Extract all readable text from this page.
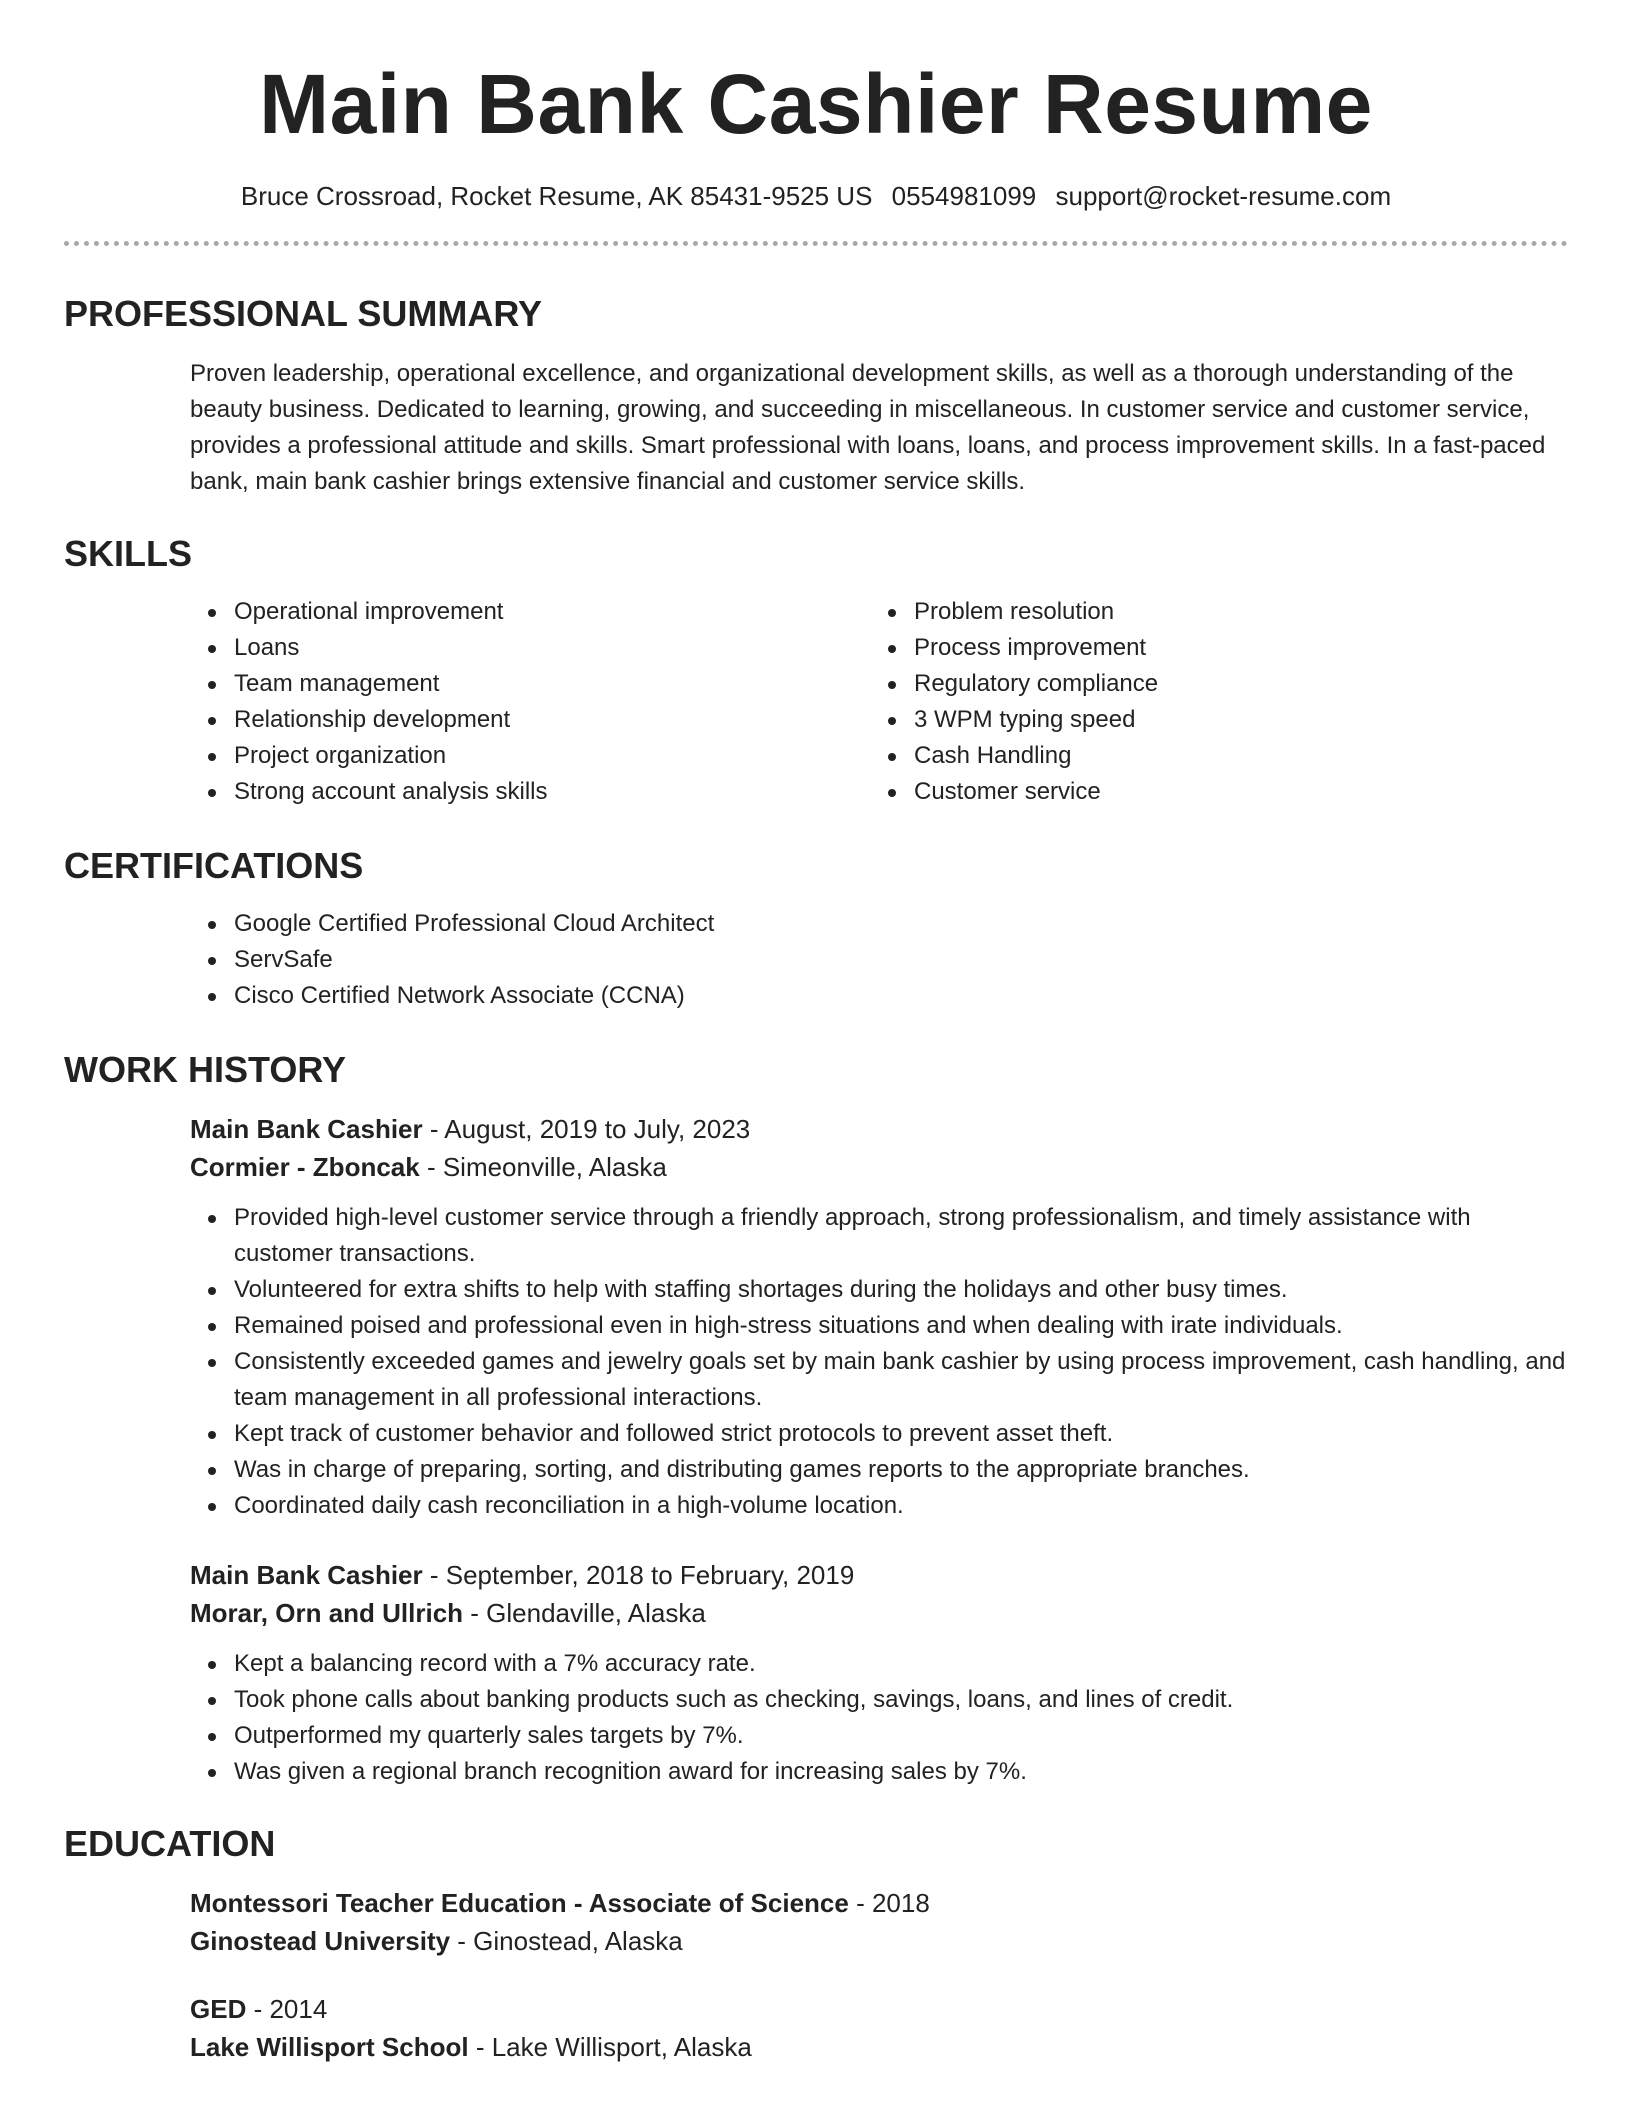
Main Bank Cashier Resume
Bruce Crossroad, Rocket Resume, AK 85431-9525 US 0554981099 support@rocket-resume.com
PROFESSIONAL SUMMARY

Proven leadership, operational excellence, and organizational development skills, as well as a thorough understanding of the beauty business. Dedicated to learning, growing, and succeeding in miscellaneous. In customer service and customer service, provides a professional attitude and skills. Smart professional with loans, loans, and process improvement skills. In a fast-paced bank, main bank cashier brings extensive financial and customer service skills.

SKILLS
Operational improvement
Loans
Team management
Relationship development
Project organization
Strong account analysis skills
Problem resolution
Process improvement
Regulatory compliance
3 WPM typing speed
Cash Handling
Customer service
CERTIFICATIONS
Google Certified Professional Cloud Architect
ServSafe
Cisco Certified Network Associate (CCNA)
WORK HISTORY
Main Bank Cashier - August, 2019 to July, 2023
Cormier - Zboncak - Simeonville, Alaska
Provided high-level customer service through a friendly approach, strong professionalism, and timely assistance with customer transactions.
Volunteered for extra shifts to help with staffing shortages during the holidays and other busy times.
Remained poised and professional even in high-stress situations and when dealing with irate individuals.
Consistently exceeded games and jewelry goals set by main bank cashier by using process improvement, cash handling, and team management in all professional interactions.
Kept track of customer behavior and followed strict protocols to prevent asset theft.
Was in charge of preparing, sorting, and distributing games reports to the appropriate branches.
Coordinated daily cash reconciliation in a high-volume location.
Main Bank Cashier - September, 2018 to February, 2019
Morar, Orn and Ullrich - Glendaville, Alaska
Kept a balancing record with a 7% accuracy rate.
Took phone calls about banking products such as checking, savings, loans, and lines of credit.
Outperformed my quarterly sales targets by 7%.
Was given a regional branch recognition award for increasing sales by 7%.
EDUCATION
Montessori Teacher Education - Associate of Science - 2018
Ginostead University - Ginostead, Alaska
GED - 2014
Lake Willisport School - Lake Willisport, Alaska
